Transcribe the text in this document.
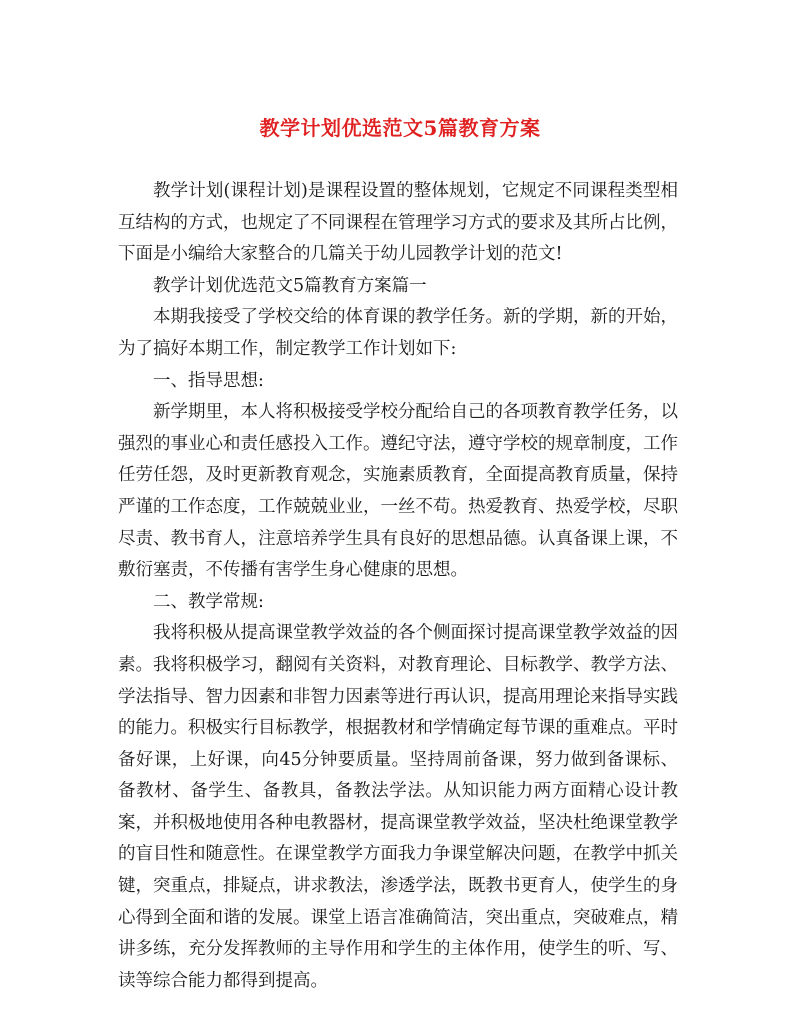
教学计划优选范文5篇教育方案

教学计划(课程计划)是课程设置的整体规划，它规定不同课程类型相互结构的方式，也规定了不同课程在管理学习方式的要求及其所占比例，下面是小编给大家整合的几篇关于幼儿园教学计划的范文!

教学计划优选范文5篇教育方案篇一

本期我接受了学校交给的体育课的教学任务。新的学期，新的开始，为了搞好本期工作，制定教学工作计划如下:

一、指导思想:

新学期里，本人将积极接受学校分配给自己的各项教育教学任务，以强烈的事业心和责任感投入工作。遵纪守法，遵守学校的规章制度，工作任劳任怨，及时更新教育观念，实施素质教育，全面提高教育质量，保持严谨的工作态度，工作兢兢业业，一丝不苟。热爱教育、热爱学校，尽职尽责、教书育人，注意培养学生具有良好的思想品德。认真备课上课，不敷衍塞责，不传播有害学生身心健康的思想。

二、教学常规:

我将积极从提高课堂教学效益的各个侧面探讨提高课堂教学效益的因素。我将积极学习，翻阅有关资料，对教育理论、目标教学、教学方法、学法指导、智力因素和非智力因素等进行再认识，提高用理论来指导实践的能力。积极实行目标教学，根据教材和学情确定每节课的重难点。平时备好课，上好课，向45分钟要质量。坚持周前备课，努力做到备课标、备教材、备学生、备教具，备教法学法。从知识能力两方面精心设计教案，并积极地使用各种电教器材，提高课堂教学效益，坚决杜绝课堂教学的盲目性和随意性。在课堂教学方面我力争课堂解决问题，在教学中抓关键，突重点，排疑点，讲求教法，渗透学法，既教书更育人，使学生的身心得到全面和谐的发展。课堂上语言准确简洁，突出重点，突破难点，精讲多练，充分发挥教师的主导作用和学生的主体作用，使学生的听、写、读等综合能力都得到提高。
